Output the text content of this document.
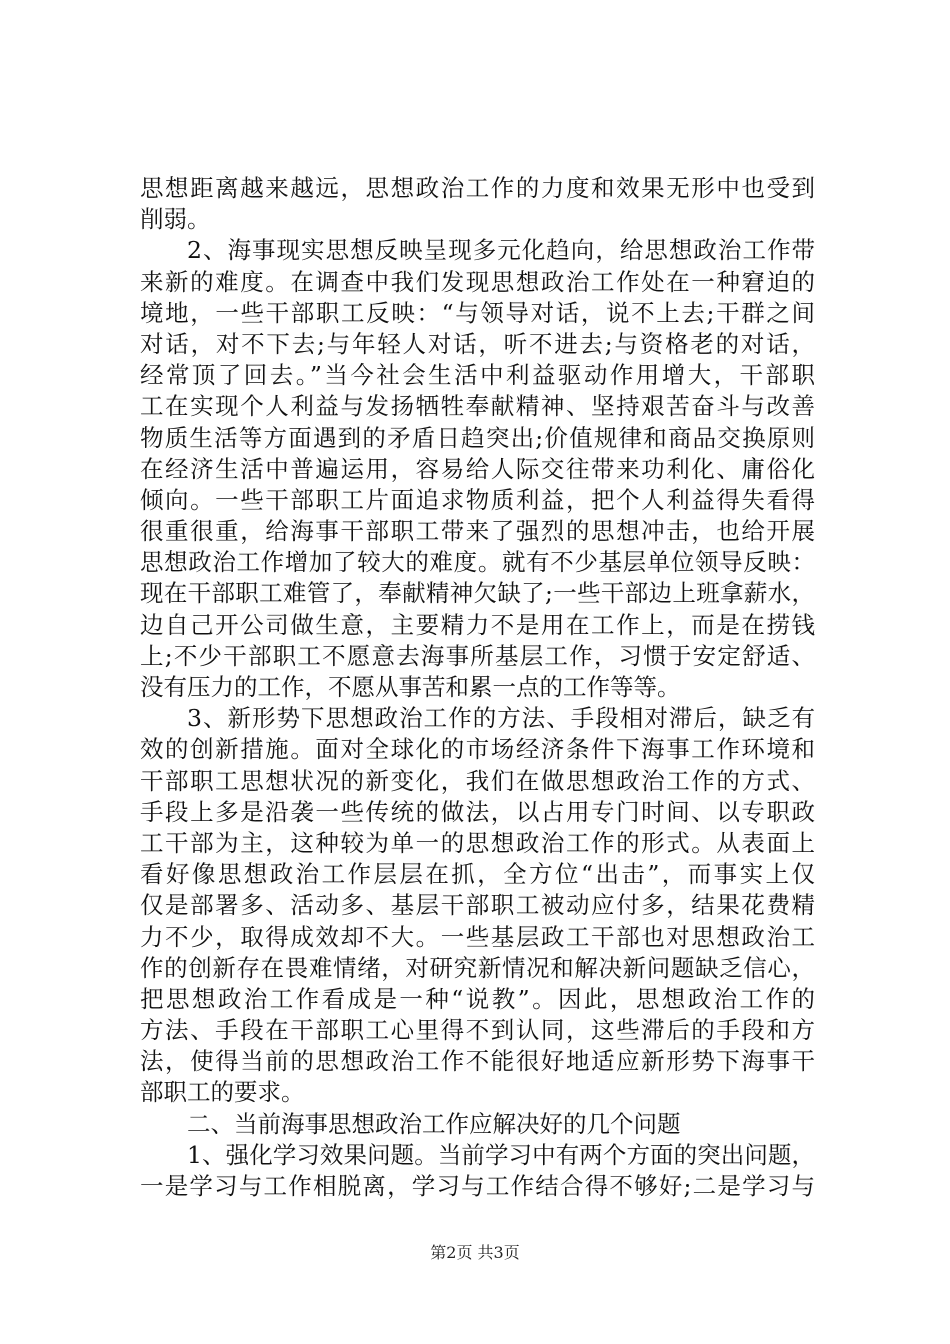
思想距离越来越远，思想政治工作的力度和效果无形中也受到
削弱。
2、海事现实思想反映呈现多元化趋向，给思想政治工作带
来新的难度。在调查中我们发现思想政治工作处在一种窘迫的
境地，一些干部职工反映：“与领导对话，说不上去;干群之间
对话，对不下去;与年轻人对话，听不进去;与资格老的对话，
经常顶了回去。”当今社会生活中利益驱动作用增大，干部职
工在实现个人利益与发扬牺牲奉献精神、坚持艰苦奋斗与改善
物质生活等方面遇到的矛盾日趋突出;价值规律和商品交换原则
在经济生活中普遍运用，容易给人际交往带来功利化、庸俗化
倾向。一些干部职工片面追求物质利益，把个人利益得失看得
很重很重，给海事干部职工带来了强烈的思想冲击，也给开展
思想政治工作增加了较大的难度。就有不少基层单位领导反映：
现在干部职工难管了，奉献精神欠缺了;一些干部边上班拿薪水，
边自己开公司做生意，主要精力不是用在工作上，而是在捞钱
上;不少干部职工不愿意去海事所基层工作，习惯于安定舒适、
没有压力的工作，不愿从事苦和累一点的工作等等。
3、新形势下思想政治工作的方法、手段相对滞后，缺乏有
效的创新措施。面对全球化的市场经济条件下海事工作环境和
干部职工思想状况的新变化，我们在做思想政治工作的方式、
手段上多是沿袭一些传统的做法，以占用专门时间、以专职政
工干部为主，这种较为单一的思想政治工作的形式。从表面上
看好像思想政治工作层层在抓，全方位“出击”，而事实上仅
仅是部署多、活动多、基层干部职工被动应付多，结果花费精
力不少，取得成效却不大。一些基层政工干部也对思想政治工
作的创新存在畏难情绪，对研究新情况和解决新问题缺乏信心，
把思想政治工作看成是一种“说教”。因此，思想政治工作的
方法、手段在干部职工心里得不到认同，这些滞后的手段和方
法，使得当前的思想政治工作不能很好地适应新形势下海事干
部职工的要求。
二、当前海事思想政治工作应解决好的几个问题
1、强化学习效果问题。当前学习中有两个方面的突出问题，
一是学习与工作相脱离，学习与工作结合得不够好;二是学习与
第2页 共3页
